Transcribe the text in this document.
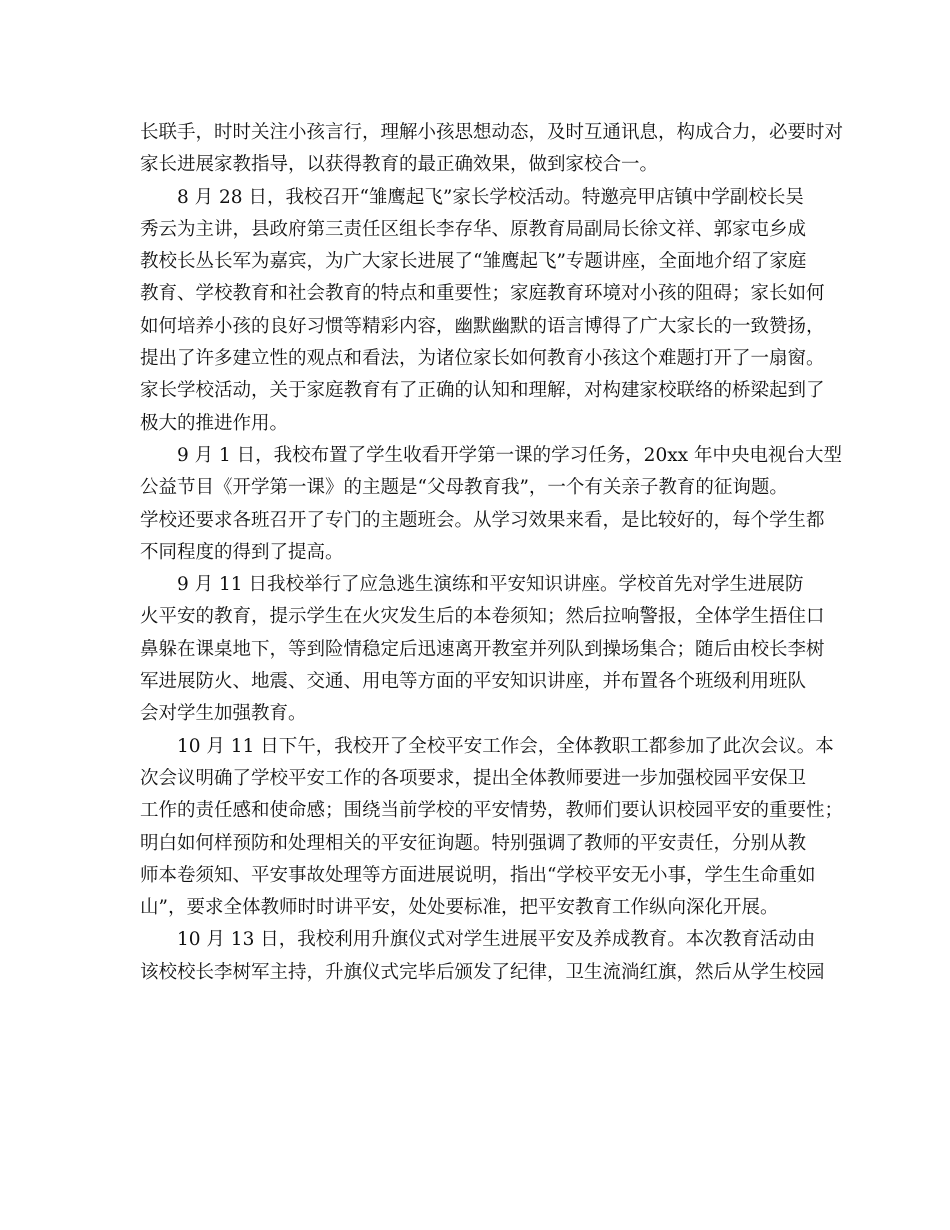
长联手，时时关注小孩言行，理解小孩思想动态，及时互通讯息，构成合力，必要时对
家长进展家教指导，以获得教育的最正确效果，做到家校合一。
8 月 28 日，我校召开“雏鹰起飞”家长学校活动。特邀亮甲店镇中学副校长吴
秀云为主讲，县政府第三责任区组长李存华、原教育局副局长徐文祥、郭家屯乡成
教校长丛长军为嘉宾，为广大家长进展了“雏鹰起飞”专题讲座，全面地介绍了家庭
教育、学校教育和社会教育的特点和重要性；家庭教育环境对小孩的阻碍；家长如何
如何培养小孩的良好习惯等精彩内容，幽默幽默的语言博得了广大家长的一致赞扬，
提出了许多建立性的观点和看法，为诸位家长如何教育小孩这个难题打开了一扇窗。
家长学校活动，关于家庭教育有了正确的认知和理解，对构建家校联络的桥梁起到了
极大的推进作用。
9 月 1 日，我校布置了学生收看开学第一课的学习任务，20xx 年中央电视台大型
公益节目《开学第一课》的主题是“父母教育我”，一个有关亲子教育的征询题。
学校还要求各班召开了专门的主题班会。从学习效果来看，是比较好的，每个学生都
不同程度的得到了提高。
9 月 11 日我校举行了应急逃生演练和平安知识讲座。学校首先对学生进展防
火平安的教育，提示学生在火灾发生后的本卷须知；然后拉响警报，全体学生捂住口
鼻躲在课桌地下，等到险情稳定后迅速离开教室并列队到操场集合；随后由校长李树
军进展防火、地震、交通、用电等方面的平安知识讲座，并布置各个班级利用班队
会对学生加强教育。
10 月 11 日下午，我校开了全校平安工作会，全体教职工都参加了此次会议。本
次会议明确了学校平安工作的各项要求，提出全体教师要进一步加强校园平安保卫
工作的责任感和使命感；围绕当前学校的平安情势，教师们要认识校园平安的重要性；
明白如何样预防和处理相关的平安征询题。特别强调了教师的平安责任，分别从教
师本卷须知、平安事故处理等方面进展说明，指出“学校平安无小事，学生生命重如
山”，要求全体教师时时讲平安，处处要标准，把平安教育工作纵向深化开展。
10 月 13 日，我校利用升旗仪式对学生进展平安及养成教育。本次教育活动由
该校校长李树军主持，升旗仪式完毕后颁发了纪律，卫生流淌红旗，然后从学生校园
